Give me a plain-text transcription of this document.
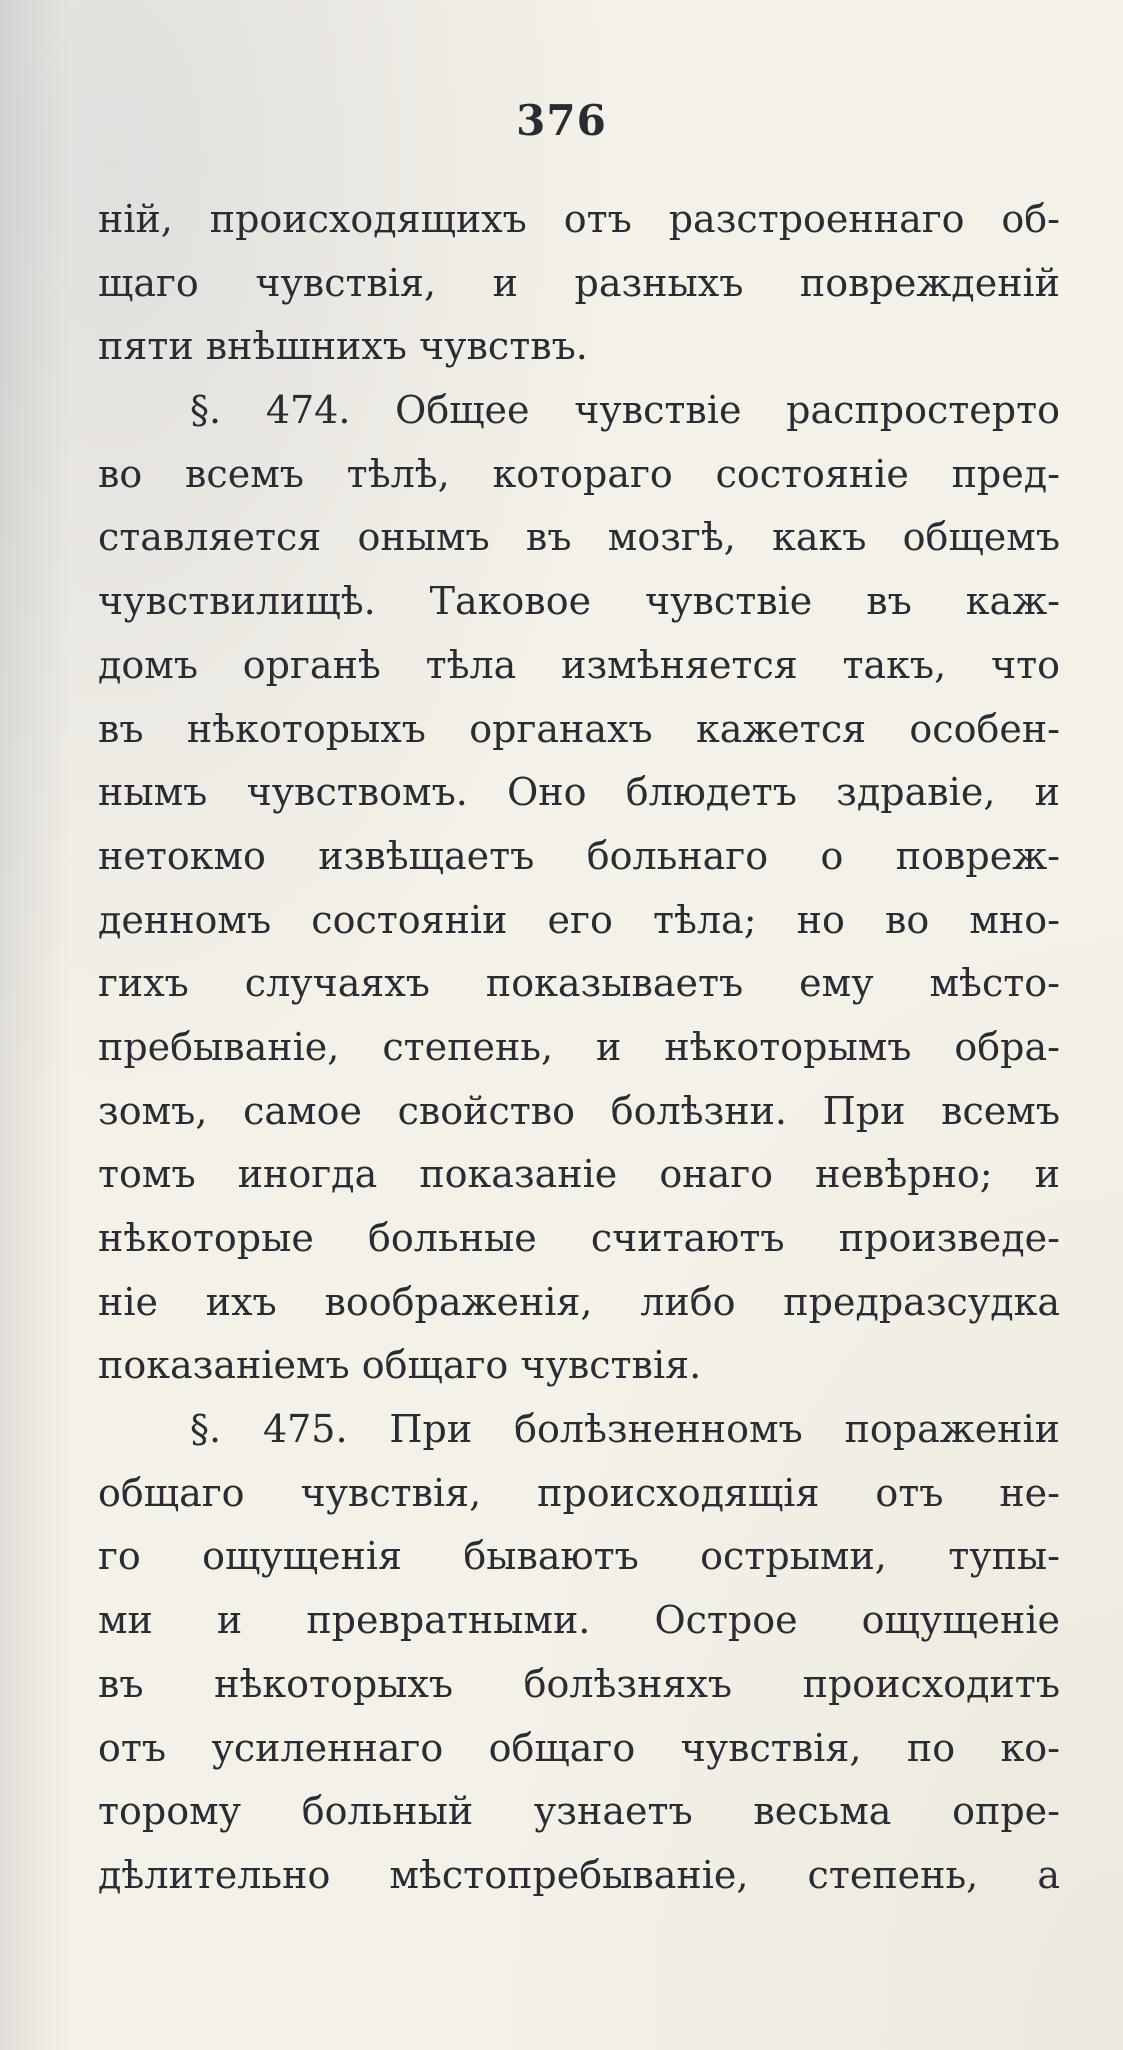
376
ній, происходящихъ отъ разстроеннаго об-
щаго чувствія, и разныхъ поврежденій
пяти внѣшнихъ чувствъ.
§. 474. Общее чувствіе распростерто
во всемъ тѣлѣ, котораго состояніе пред-
ставляется онымъ въ мозгѣ, какъ общемъ
чувствилищѣ. Таковое чувствіе въ каж-
домъ органѣ тѣла измѣняется такъ, что
въ нѣкоторыхъ органахъ кажется особен-
нымъ чувствомъ. Оно блюдетъ здравіе, и
нетокмо извѣщаетъ больнаго о повреж-
денномъ состояніи его тѣла; но во мно-
гихъ случаяхъ показываетъ ему мѣсто-
пребываніе, степень, и нѣкоторымъ обра-
зомъ, самое свойство болѣзни. При всемъ
томъ иногда показаніе онаго невѣрно; и
нѣкоторые больные считаютъ произведе-
ніе ихъ воображенія, либо предразсудка
показаніемъ общаго чувствія.
§. 475. При болѣзненномъ пораженіи
общаго чувствія, происходящія отъ не-
го ощущенія бываютъ острыми, тупы-
ми и превратными. Острое ощущеніе
въ нѣкоторыхъ болѣзняхъ происходитъ
отъ усиленнаго общаго чувствія, по ко-
торому больный узнаетъ весьма опре-
дѣлительно мѣстопребываніе, степень, а
